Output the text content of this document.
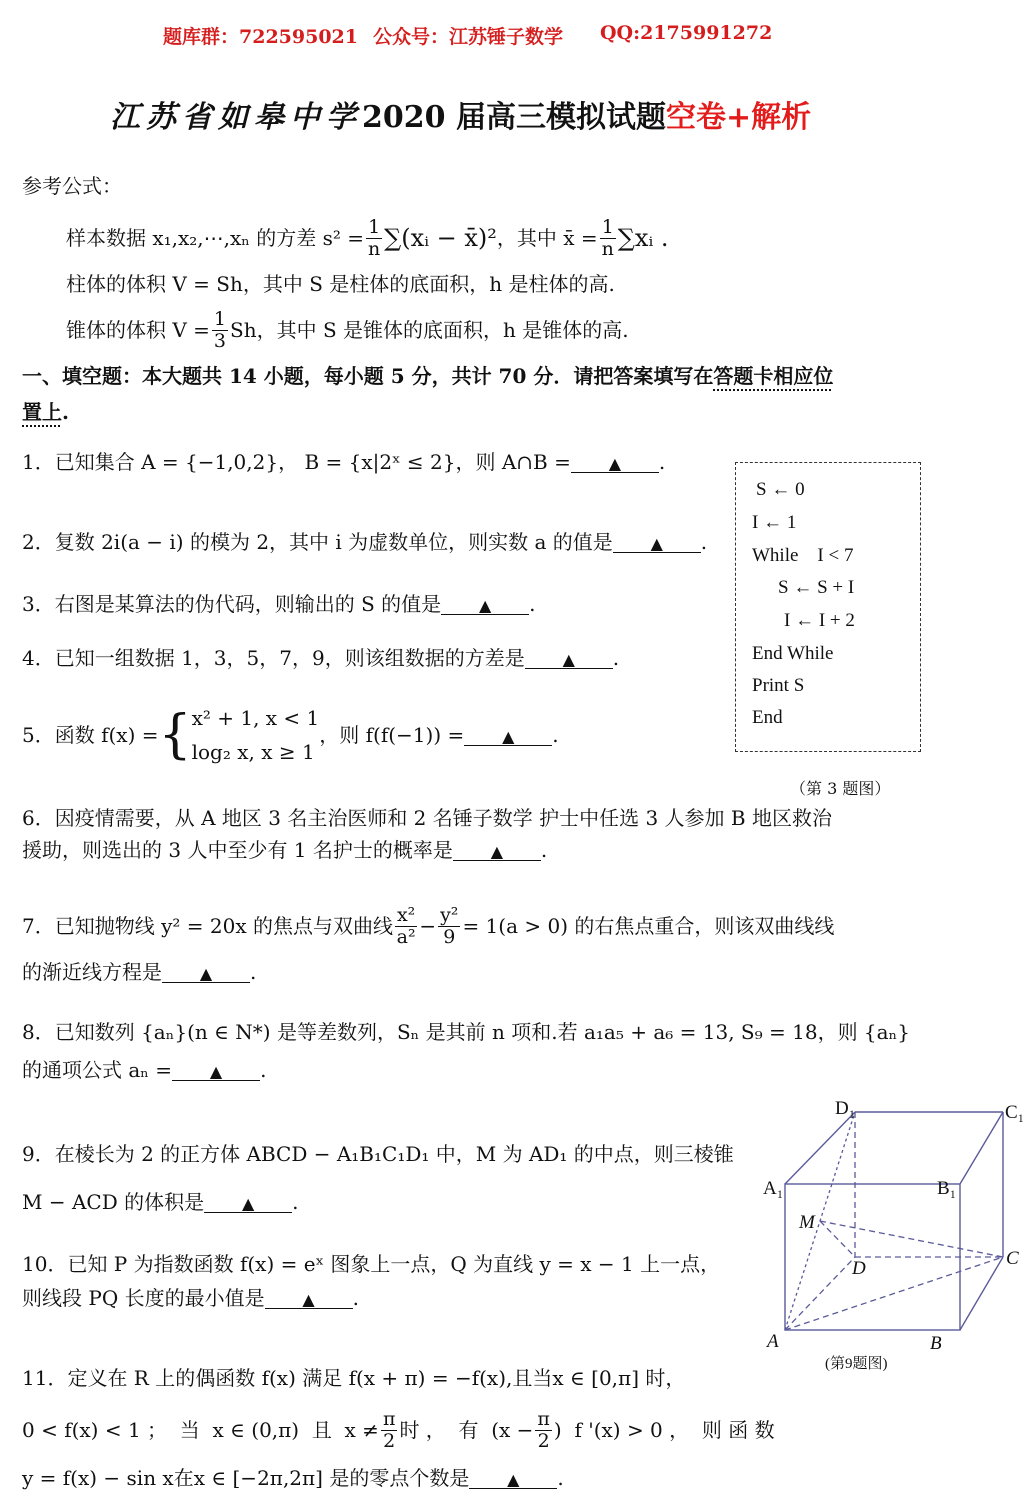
题库群：722595021 公众号：江苏锤子数学 QQ:2175991272
江苏省如皋中学2020 届高三模拟试题空卷+解析
参考公式：
样本数据 x₁,x₂,⋯,xₙ 的方差 $s^2 = \frac{1}{n}$ ∑(xᵢ − x̄)² ，其中 x̄ = $\frac{1}{n}$ ∑xᵢ .
柱体的体积 V = Sh，其中 S 是柱体的底面积，h 是柱体的高.
锥体的体积 $V = \frac{1}{3}$ Sh，其中 S 是锥体的底面积，h 是锥体的高.
一、填空题：本大题共 14 小题，每小题 5 分，共计 70 分．请把答案填写在答题卡相应位
置上.
1．已知集合 A = {−1,0,2}， B = {x|2ˣ ≤ 2}，则 A∩B = ▲ .
2．复数 2i(a − i) 的模为 2，其中 i 为虚数单位，则实数 a 的值是 ▲ .
3．右图是某算法的伪代码，则输出的 S 的值是 ▲ .
4．已知一组数据 1，3，5，7，9，则该组数据的方差是 ▲ .
5．函数 f(x) = { x² + 1, x < 1
log₂ x, x ≥ 1
，则 f(f(−1)) =	▲	.
S ← 0
I ← 1
While    I < 7
S ← S + I
I ← I + 2
End While
Print S
End
（第 3 题图）
6．因疫情需要，从 A 地区 3 名主治医师和 2 名锤子数学 护士中任选 3 人参加 B 地区救治
援助，则选出的 3 人中至少有 1 名护士的概率是 ▲ .
7．已知抛物线 y² = 20x 的焦点与双曲线 $\frac{\text{x²}}{\text{a²}} - \frac{\text{y²}}{9} = 1(a > 0)$ 的右焦点重合，则该双曲线线
的渐近线方程是 ▲ .
8．已知数列 {aₙ}(n ∈ N*) 是等差数列，Sₙ 是其前 n 项和.若 a₁a₅ + a₆ = 13, S₉ = 18，则 {aₙ}
的通项公式 aₙ = ▲ .
9．在棱长为 2 的正方体 ABCD − A₁B₁C₁D₁ 中，M 为 AD₁ 的中点，则三棱锥
M − ACD 的体积是 ▲ .
D₁	C₁
A₁	B₁
M
D	C
A	B
(第9题图)
10．已知 P 为指数函数 f(x) = eˣ 图象上一点，Q 为直线 y = x − 1 上一点，
则线段 PQ 长度的最小值是 ▲ .
11．定义在 R 上的偶函数 f(x) 满足 f(x + π) = −f(x),且当x ∈ [0,π] 时，
0 < f(x) < 1 ；  当  x ∈ (0,π)  且  $x \ne \frac{\pi}{2}$ 时 ，  有  ($x - \frac{\pi}{2}$ )  f '(x) > 0 ，  则 函 数
y = f(x) − sin x在x ∈ [−2π,2π] 是的零点个数是 ▲ .
